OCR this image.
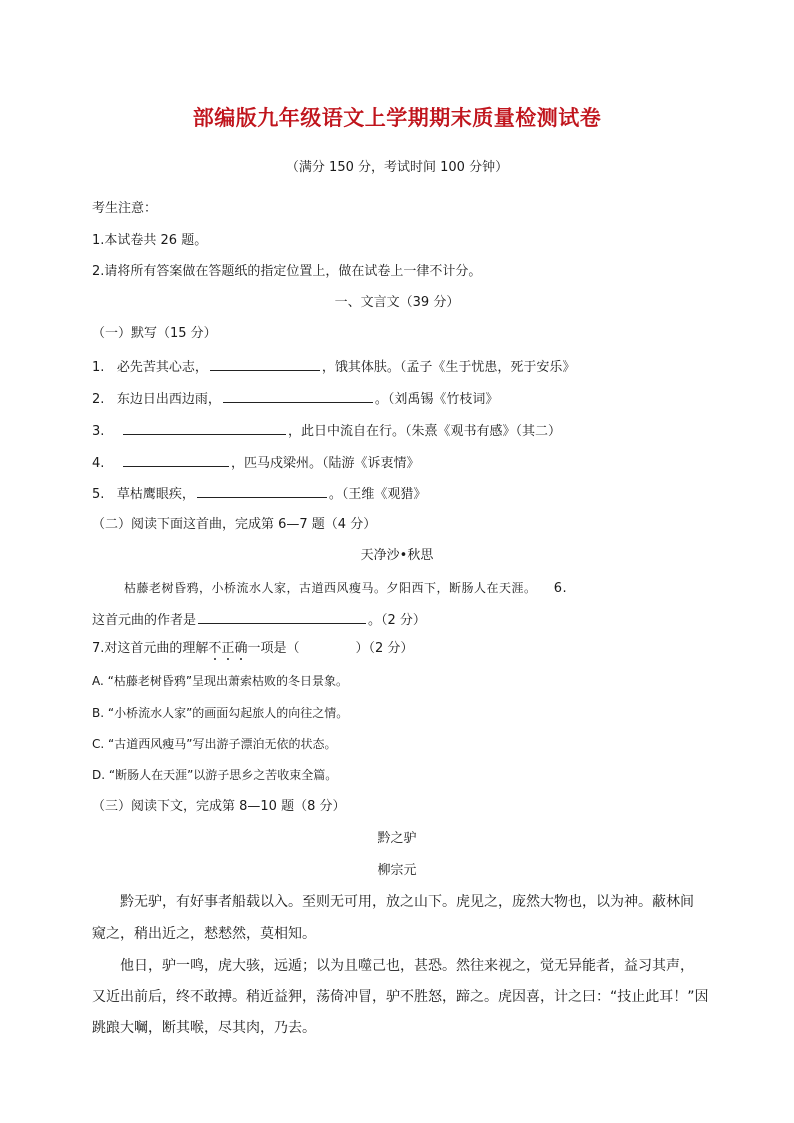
部编版九年级语文上学期期末质量检测试卷
（满分 150 分，考试时间 100 分钟）
考生注意：
1.本试卷共 26 题。
2.请将所有答案做在答题纸的指定位置上，做在试卷上一律不计分。
一、文言文（39 分）
（一）默写（15 分）
1. 必先苦其心志，	，饿其体肤。（孟子《生于忧患，死于安乐》
2. 东边日出西边雨，	。（刘禹锡《竹枝词》
3.	，此日中流自在行。（朱熹《观书有感》（其二）
4.	，匹马戍梁州。（陆游《诉衷情》
5. 草枯鹰眼疾，	。（王维《观猎》
（二）阅读下面这首曲，完成第 6—7 题（4 分）
天净沙•秋思
枯藤老树昏鸦，小桥流水人家，古道西风瘦马。夕阳西下，断肠人在天涯。 6.
这首元曲的作者是	。（2 分）
7.对这首元曲的理解不正确一项是（	）（2 分）
A. “枯藤老树昏鸦”呈现出萧索枯败的冬日景象。
B. “小桥流水人家”的画面勾起旅人的向往之情。
C. “古道西风瘦马”写出游子漂泊无依的状态。
D. “断肠人在天涯”以游子思乡之苦收束全篇。
（三）阅读下文，完成第 8—10 题（8 分）
黔之驴
柳宗元
黔无驴，有好事者船载以入。至则无可用，放之山下。虎见之，庞然大物也，以为神。蔽林间
窥之，稍出近之，慭慭然，莫相知。
他日，驴一鸣，虎大骇，远遁；以为且噬己也，甚恐。然往来视之，觉无异能者，益习其声，
又近出前后，终不敢搏。稍近益狎，荡倚冲冒，驴不胜怒，蹄之。虎因喜，计之曰：“技止此耳！”因
跳踉大㘎，断其喉，尽其肉，乃去。
